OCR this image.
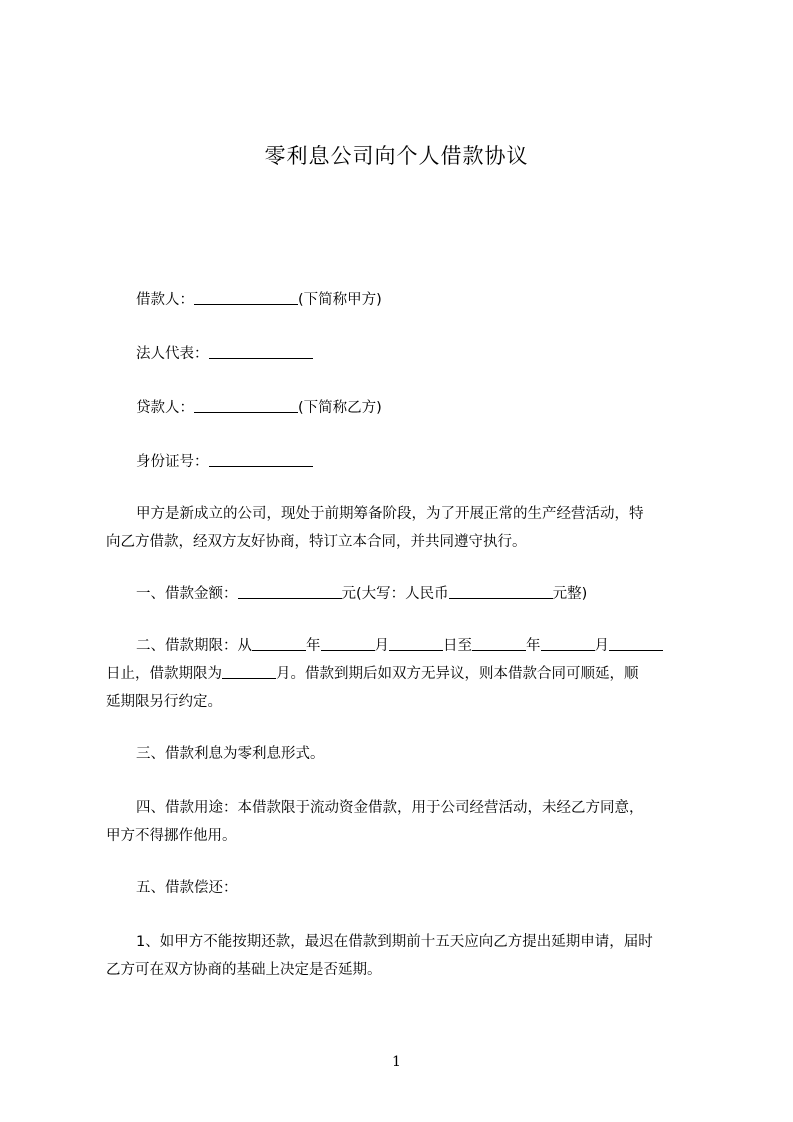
零利息公司向个人借款协议
借款人：	(下简称甲方)
法人代表：
贷款人：	(下简称乙方)
身份证号：
甲方是新成立的公司，现处于前期筹备阶段，为了开展正常的生产经营活动，特
向乙方借款，经双方友好协商，特订立本合同，并共同遵守执行。
一、借款金额：	元(大写：人民币	元整)
二、借款期限：从	年	月	日至	年	月
日止，借款期限为	月。借款到期后如双方无异议，则本借款合同可顺延，顺
延期限另行约定。
三、借款利息为零利息形式。
四、借款用途：本借款限于流动资金借款，用于公司经营活动，未经乙方同意，
甲方不得挪作他用。
五、借款偿还：
1、如甲方不能按期还款，最迟在借款到期前十五天应向乙方提出延期申请，届时
乙方可在双方协商的基础上决定是否延期。
1
